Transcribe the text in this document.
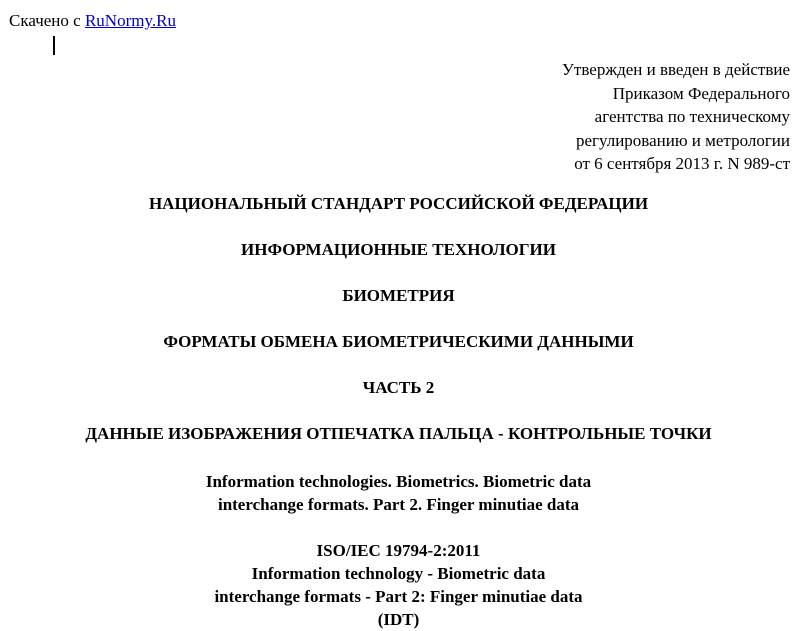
Скачено с RuNormy.Ru
Утвержден и введен в действие
Приказом Федерального
агентства по техническому
регулированию и метрологии
от 6 сентября 2013 г. N 989-ст
НАЦИОНАЛЬНЫЙ СТАНДАРТ РОССИЙСКОЙ ФЕДЕРАЦИИ
ИНФОРМАЦИОННЫЕ ТЕХНОЛОГИИ
БИОМЕТРИЯ
ФОРМАТЫ ОБМЕНА БИОМЕТРИЧЕСКИМИ ДАННЫМИ
ЧАСТЬ 2
ДАННЫЕ ИЗОБРАЖЕНИЯ ОТПЕЧАТКА ПАЛЬЦА - КОНТРОЛЬНЫЕ ТОЧКИ
Information technologies. Biometrics. Biometric data
interchange formats. Part 2. Finger minutiae data
ISO/IEC 19794-2:2011
Information technology - Biometric data
interchange formats - Part 2: Finger minutiae data
(IDT)
